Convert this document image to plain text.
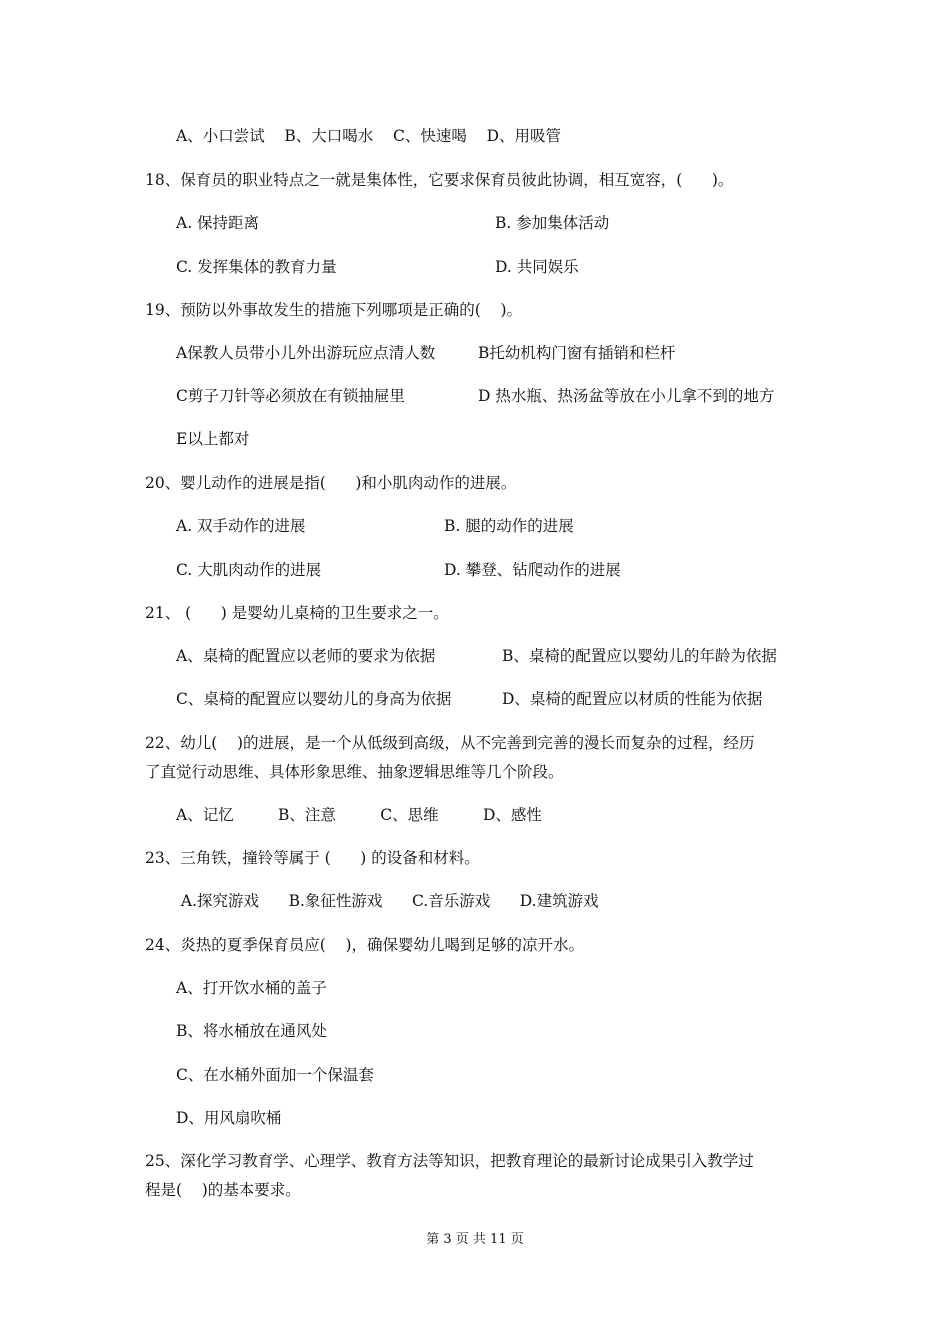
A、小口尝试    B、大口喝水    C、快速喝    D、用吸管
18、保育员的职业特点之一就是集体性，它要求保育员彼此协调，相互宽容，(      )。
A. 保持距离	B. 参加集体活动
C. 发挥集体的教育力量	D. 共同娱乐
19、预防以外事故发生的措施下列哪项是正确的(    )。
A保教人员带小儿外出游玩应点清人数	B托幼机构门窗有插销和栏杆
C剪子刀针等必须放在有锁抽屉里	D 热水瓶、热汤盆等放在小儿拿不到的地方
E以上都对
20、婴儿动作的进展是指(      )和小肌肉动作的进展。
A. 双手动作的进展	B. 腿的动作的进展
C. 大肌肉动作的进展	D. 攀登、钻爬动作的进展
21、 (      ) 是婴幼儿桌椅的卫生要求之一。
A、桌椅的配置应以老师的要求为依据	B、桌椅的配置应以婴幼儿的年龄为依据
C、桌椅的配置应以婴幼儿的身高为依据	D、桌椅的配置应以材质的性能为依据
22、幼儿(    )的进展，是一个从低级到高级，从不完善到完善的漫长而复杂的过程，经历
了直觉行动思维、具体形象思维、抽象逻辑思维等几个阶段。
A、记忆         B、注意         C、思维         D、感性
23、三角铁，撞铃等属于 (      ) 的设备和材料。
A.探究游戏      B.象征性游戏      C.音乐游戏      D.建筑游戏
24、炎热的夏季保育员应(    )，确保婴幼儿喝到足够的凉开水。
A、打开饮水桶的盖子
B、将水桶放在通风处
C、在水桶外面加一个保温套
D、用风扇吹桶
25、深化学习教育学、心理学、教育方法等知识，把教育理论的最新讨论成果引入教学过
程是(    )的基本要求。
第 3 页 共 11 页
